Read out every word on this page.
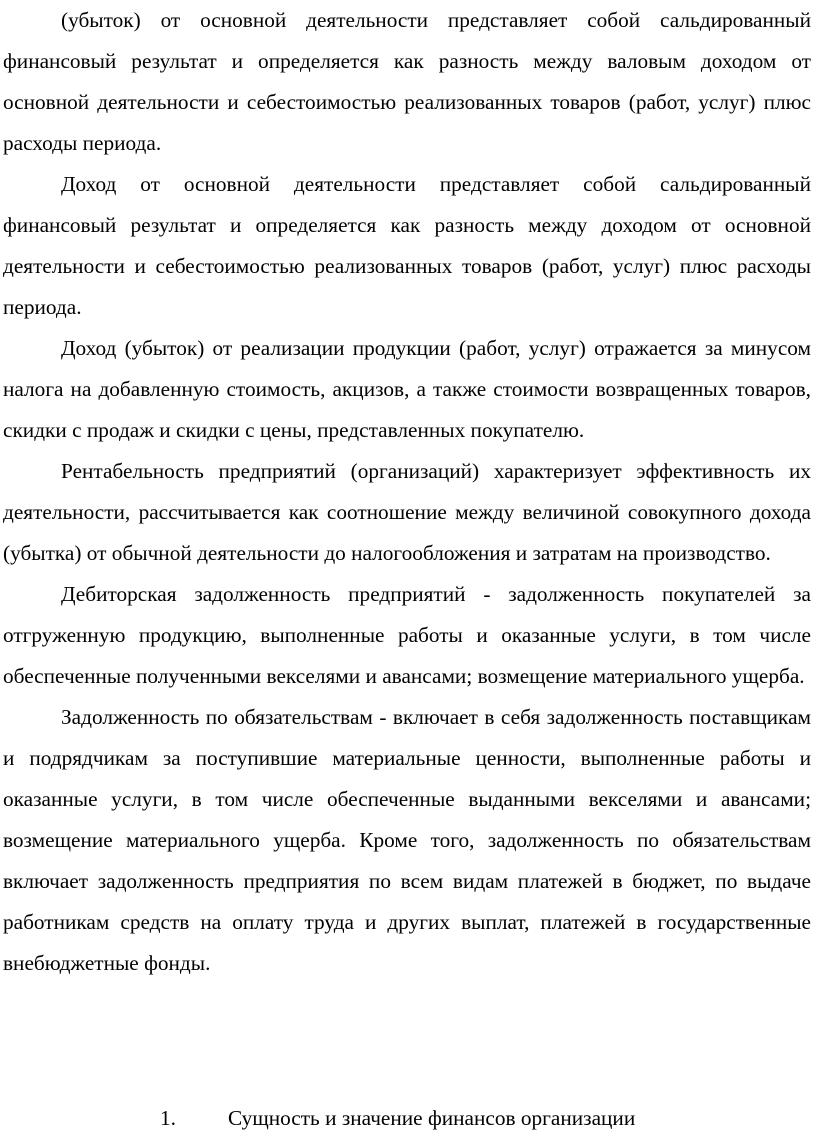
(убыток) от основной деятельности представляет собой сальдированный финансовый результат и определяется как разность между валовым доходом от основной деятельности и себестоимостью реализованных товаров (работ, услуг) плюс расходы периода.

Доход от основной деятельности представляет собой сальдированный финансовый результат и определяется как разность между доходом от основной деятельности и себестоимостью реализованных товаров (работ, услуг) плюс расходы периода.

Доход (убыток) от реализации продукции (работ, услуг) отражается за минусом налога на добавленную стоимость, акцизов, а также стоимости возвращенных товаров, скидки с продаж и скидки с цены, представленных покупателю.

Рентабельность предприятий (организаций) характеризует эффективность их деятельности, рассчитывается как соотношение между величиной совокупного дохода (убытка) от обычной деятельности до налогообложения и затратам на производство.

Дебиторская задолженность предприятий - задолженность покупателей за отгруженную продукцию, выполненные работы и оказанные услуги, в том числе обеспеченные полученными векселями и авансами; возмещение материального ущерба.

Задолженность по обязательствам - включает в себя задолженность поставщикам и подрядчикам за поступившие материальные ценности, выполненные работы и оказанные услуги, в том числе обеспеченные выданными векселями и авансами; возмещение материального ущерба. Кроме того, задолженность по обязательствам включает задолженность предприятия по всем видам платежей в бюджет, по выдаче работникам средств на оплату труда и других выплат, платежей в государственные внебюджетные фонды.

1. Сущность и значение финансов организации
